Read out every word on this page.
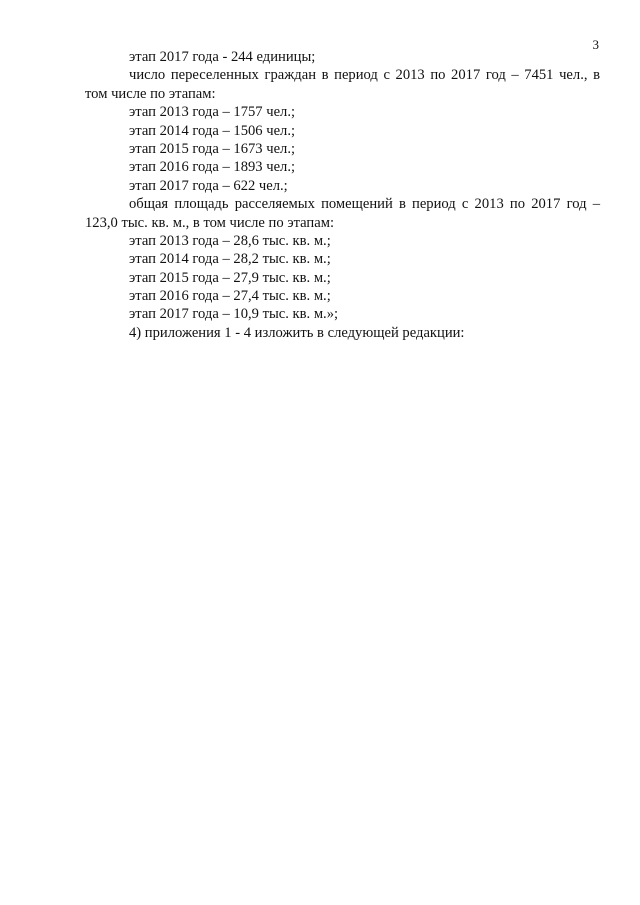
3
этап 2017 года - 244 единицы;
число переселенных граждан в период с 2013 по 2017 год – 7451 чел., в
том числе по этапам:
этап 2013 года – 1757 чел.;
этап 2014 года – 1506 чел.;
этап 2015 года – 1673 чел.;
этап 2016 года – 1893 чел.;
этап 2017 года – 622 чел.;
общая площадь расселяемых помещений в период с 2013 по 2017 год –
123,0 тыс. кв. м., в том числе по этапам:
этап 2013 года – 28,6 тыс. кв. м.;
этап 2014 года – 28,2 тыс. кв. м.;
этап 2015 года – 27,9 тыс. кв. м.;
этап 2016 года – 27,4 тыс. кв. м.;
этап 2017 года – 10,9 тыс. кв. м.»;
4) приложения 1 - 4 изложить в следующей редакции:
